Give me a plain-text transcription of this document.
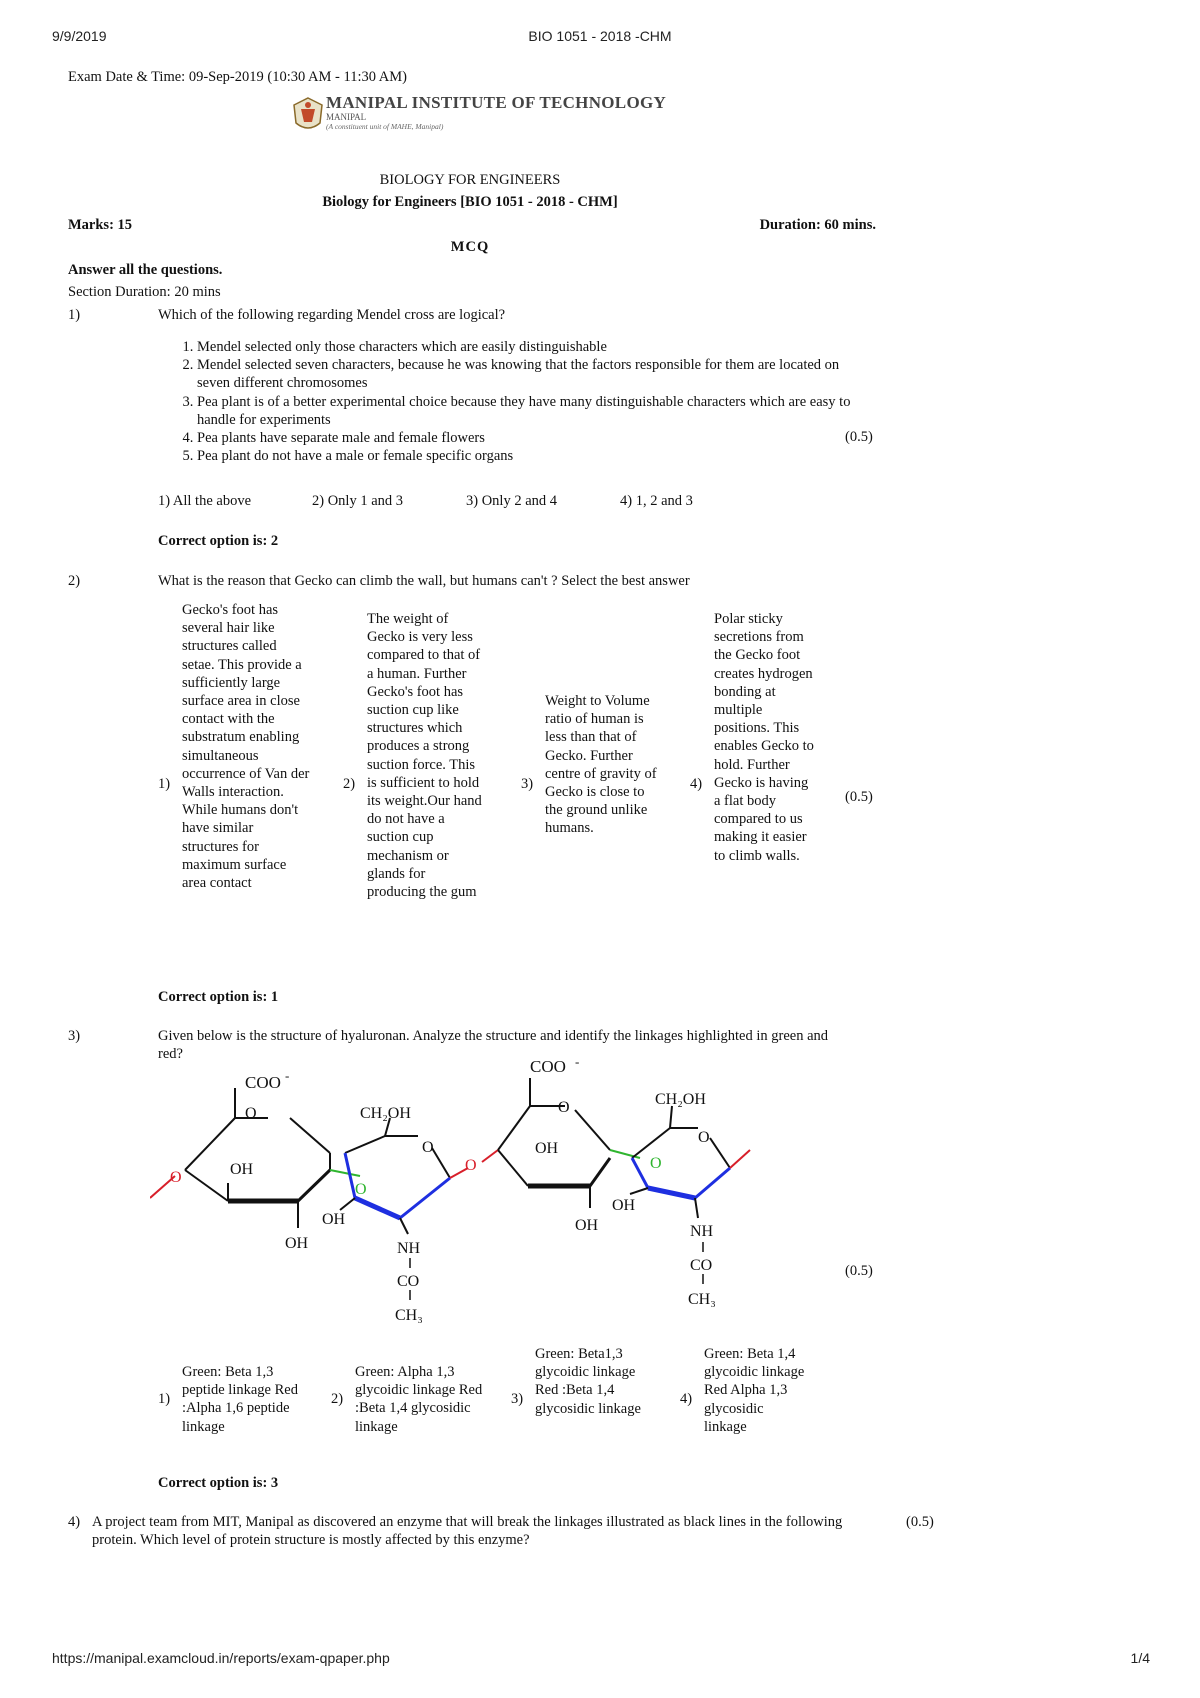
9/9/2019	BIO 1051 - 2018 -CHM
https://manipal.examcloud.in/reports/exam-qpaper.php	1/4
Exam Date & Time: 09-Sep-2019 (10:30 AM - 11:30 AM)
MANIPAL INSTITUTE OF TECHNOLOGY
MANIPAL
(A constituent unit of MAHE, Manipal)
BIOLOGY FOR ENGINEERS
Biology for Engineers [BIO 1051 - 2018 - CHM]
Marks: 15	Duration: 60 mins.
MCQ
Answer all the questions.
Section Duration: 20 mins
1)	Which of the following regarding Mendel cross are logical?
1. Mendel selected only those characters which are easily distinguishable
2. Mendel selected seven characters, because he was knowing that the factors responsible for them are located on seven different chromosomes
3. Pea plant is of a better experimental choice because they have many distinguishable characters which are easy to handle for experiments
4. Pea plants have separate male and female flowers
5. Pea plant do not have a male or female specific organs
(0.5)
1) All the above	2) Only 1 and 3	3) Only 2 and 4	4) 1, 2 and 3
Correct option is: 2
2)	What is the reason that Gecko can climb the wall, but humans can't ? Select the best answer
1)
Gecko's foot has several hair like structures called setae. This provide a sufficiently large surface area in close contact with the substratum enabling simultaneous occurrence of Van der Walls interaction. While humans don't have similar structures for maximum surface area contact
2)
The weight of Gecko is very less compared to that of a human. Further Gecko's foot has suction cup like structures which produces a strong suction force. This is sufficient to hold its weight.Our hand do not have a suction cup mechanism or glands for producing the gum
3)
Weight to Volume ratio of human is less than that of Gecko. Further centre of gravity of Gecko is close to the ground unlike humans.
4)
Polar sticky secretions from the Gecko foot creates hydrogen bonding at multiple positions. This enables Gecko to hold. Further Gecko is having a flat body compared to us making it easier to climb walls.
(0.5)
Correct option is: 1
3)	Given below is the structure of hyaluronan. Analyze the structure and identify the linkages highlighted in green and red?
O
COO -
OH
OH
O
O
CH₂OH
O
OH
NH
CO
CH₃
O
O
COO -
OH
OH
O
CH₂OH
O
OH
NH
CO
CH₃
(0.5)
1)
Green: Beta 1,3 peptide linkage Red :Alpha 1,6 peptide linkage
2)
Green: Alpha 1,3 glycoidic linkage Red :Beta 1,4 glycosidic linkage
3)
Green: Beta1,3 glycoidic linkage Red :Beta 1,4 glycosidic linkage
4)
Green: Beta 1,4 glycoidic linkage Red Alpha 1,3 glycosidic linkage
Correct option is: 3
4) A project team from MIT, Manipal as discovered an enzyme that will break the linkages illustrated as black lines in the following protein. Which level of protein structure is mostly affected by this enzyme?
(0.5)
